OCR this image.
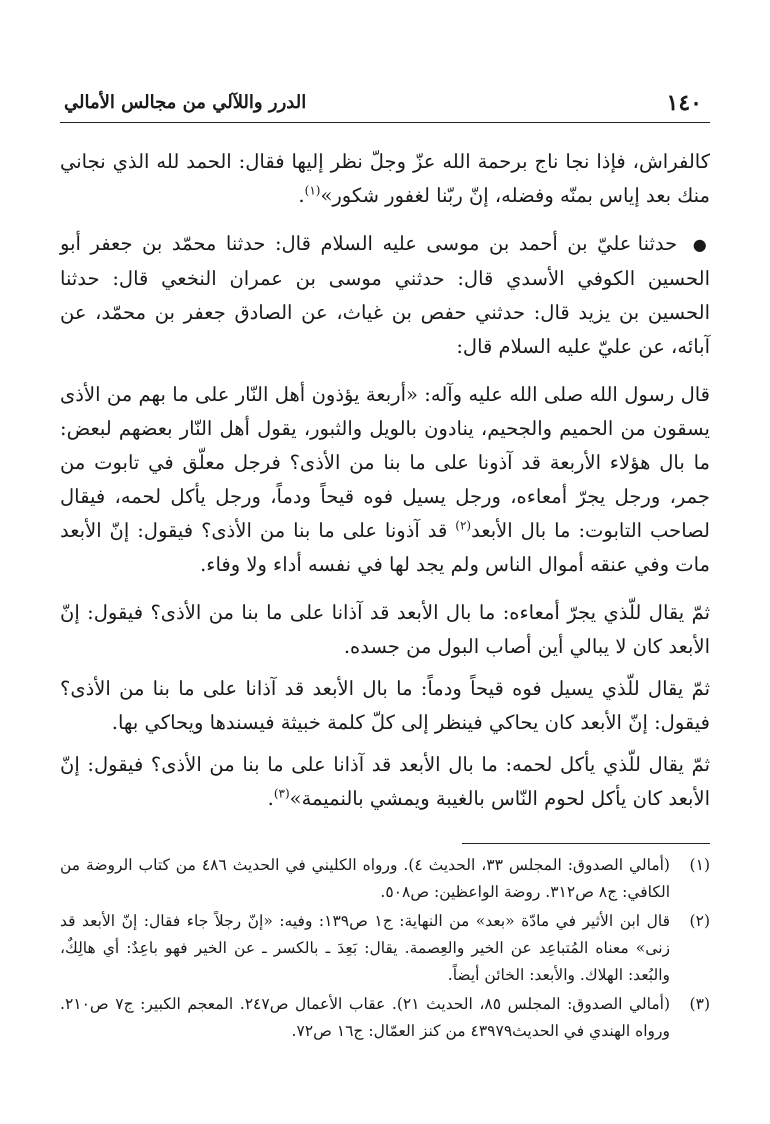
١٤٠
الدرر واللآلي من مجالس الأمالي

كالفراش، فإذا نجا ناج برحمة الله عزّ وجلّ نظر إليها فقال: الحمد لله الذي نجاني منك بعد إياس بمنّه وفضله، إنّ ربّنا لغفور شكور»$^{(١)}$.

● حدثنا عليّ بن أحمد بن موسى عليه السلام قال: حدثنا محمّد بن جعفر أبو الحسين الكوفي الأسدي قال: حدثني موسى بن عمران النخعي قال: حدثنا الحسين بن يزيد قال: حدثني حفص بن غياث، عن الصادق جعفر بن محمّد، عن آبائه، عن عليّ عليه السلام قال:

قال رسول الله صلى الله عليه وآله: «أربعة يؤذون أهل النّار على ما بهم من الأذى يسقون من الحميم والجحيم، ينادون بالويل والثبور، يقول أهل النّار بعضهم لبعض: ما بال هؤلاء الأربعة قد آذونا على ما بنا من الأذى؟ فرجل معلّق في تابوت من جمر، ورجل يجرّ أمعاءه، ورجل يسيل فوه قيحاً ودماً، ورجل يأكل لحمه، فيقال لصاحب التابوت: ما بال الأبعد$^{(٢)}$ قد آذونا على ما بنا من الأذى؟ فيقول: إنّ الأبعد مات وفي عنقه أموال الناس ولم يجد لها في نفسه أداء ولا وفاء.

ثمّ يقال للّذي يجرّ أمعاءه: ما بال الأبعد قد آذانا على ما بنا من الأذى؟ فيقول: إنّ الأبعد كان لا يبالي أين أصاب البول من جسده.

ثمّ يقال للّذي يسيل فوه قيحاً ودماً: ما بال الأبعد قد آذانا على ما بنا من الأذى؟ فيقول: إنّ الأبعد كان يحاكي فينظر إلى كلّ كلمة خبيثة فيسندها ويحاكي بها.

ثمّ يقال للّذي يأكل لحمه: ما بال الأبعد قد آذانا على ما بنا من الأذى؟ فيقول: إنّ الأبعد كان يأكل لحوم النّاس بالغيبة ويمشي بالنميمة»$^{(٣)}$.

(١)
(أمالي الصدوق: المجلس ٣٣، الحديث ٤). ورواه الكليني في الحديث ٤٨٦ من كتاب الروضة من الكافي: ج٨ ص٣١٢. روضة الواعظين: ص٥٠٨.
(٢)
قال ابن الأثير في مادّة «بعد» من النهاية: ج١ ص١٣٩: وفيه: «إنّ رجلاً جاء فقال: إنّ الأبعد قد زنى» معناه المُتباعِد عن الخير والعِصمة. يقال: بَعِدَ ـ بالكسر ـ عن الخير فهو باعِدٌ: أي هالِكٌ، والبُعد: الهلاك. والأبعد: الخائن أيضاً.
(٣)
(أمالي الصدوق: المجلس ٨٥، الحديث ٢١). عقاب الأعمال ص٢٤٧. المعجم الكبير: ج٧ ص٢١٠. ورواه الهندي في الحديث٤٣٩٧٩ من كنز العمّال: ج١٦ ص٧٢.
